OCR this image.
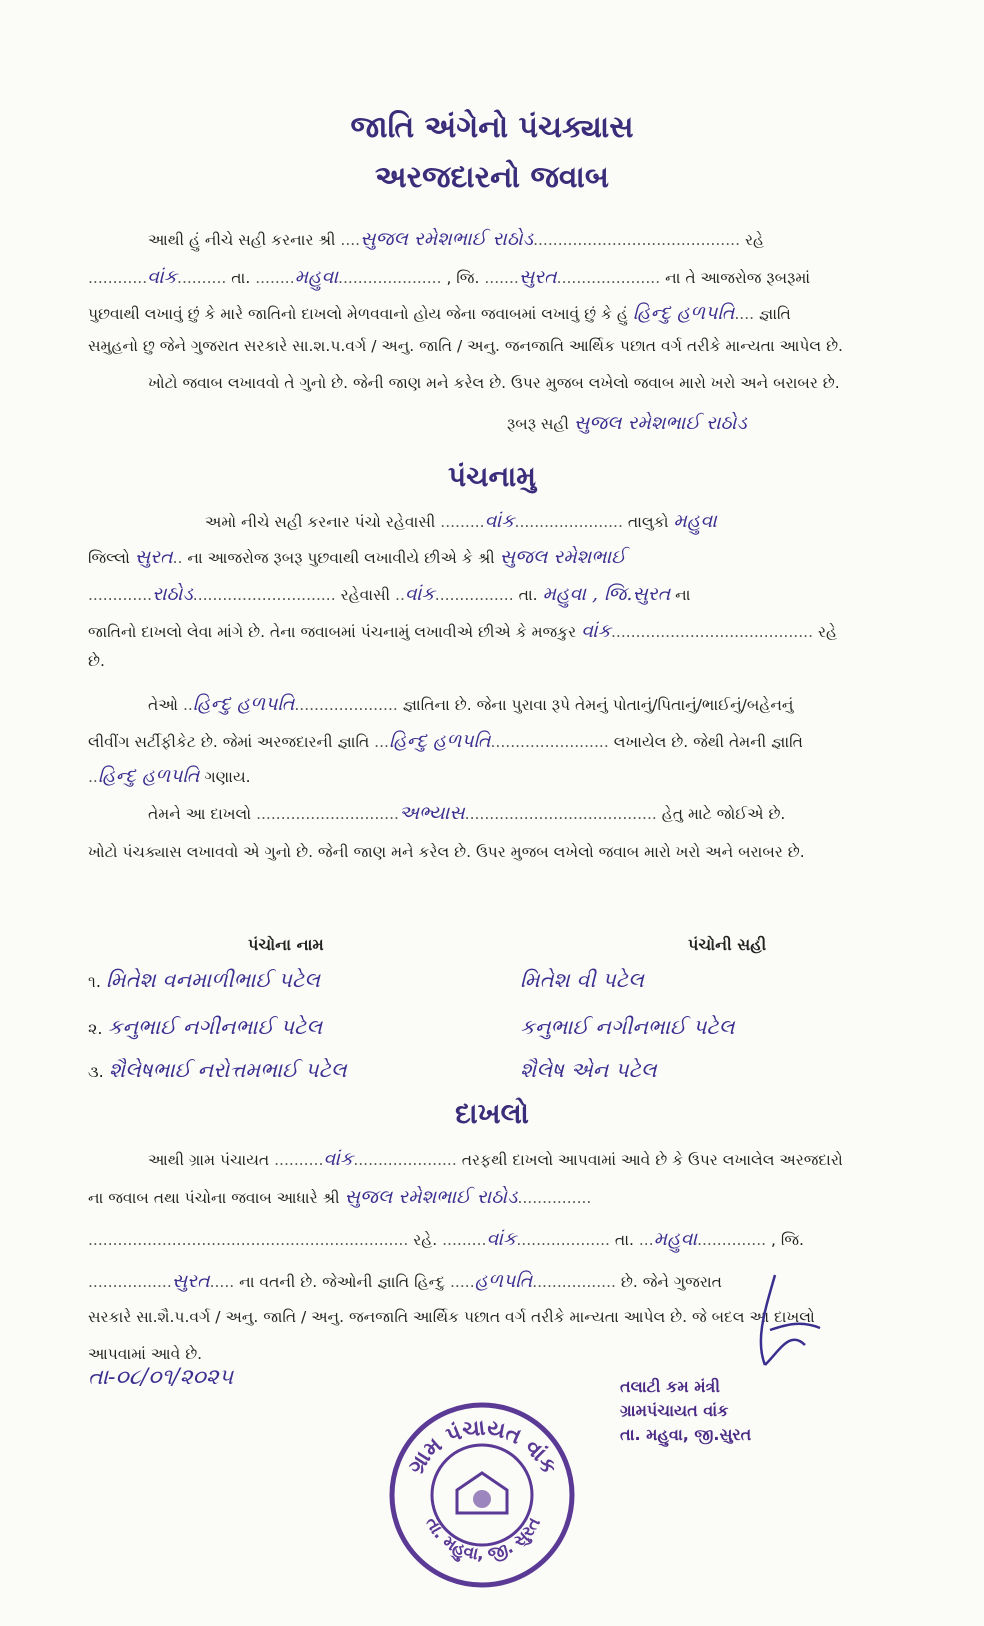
જાતિ અંગેનો પંચક્યાસ
અરજદારનો જવાબ
આથી હું નીચે સહી કરનાર શ્રી ....સુજલ રમેશભાઈ રાઠોડ.......................................... રહે
............વાંક.......... તા. ........મહુવા..................... , જિ. .......સુરત..................... ના તે આજરોજ રૂબરૂમાં
પુછવાથી લખાવું છું કે મારે જાતિનો દાખલો મેળવવાનો હોય જેના જવાબમાં લખાવું છું કે હું હિન્દુ હળપતિ.... જ્ઞાતિ
સમુહનો છુ જેને ગુજરાત સરકારે સા.શ.પ.વર્ગ / અનુ. જાતિ / અનુ. જનજાતિ આર્થિક પછાત વર્ગ તરીકે માન્યતા આપેલ છે.
ખોટો જવાબ લખાવવો તે ગુનો છે. જેની જાણ મને કરેલ છે. ઉપર મુજબ લખેલો જવાબ મારો ખરો અને બરાબર છે.
રૂબરૂ સહી સુજલ રમેશભાઈ રાઠોડ
પંચનામુ
અમો નીચે સહી કરનાર પંચો રહેવાસી .........વાંક...................... તાલુકો મહુવા
જિલ્લો સુરત.. ના આજરોજ રૂબરૂ પુછવાથી લખાવીયે છીએ કે શ્રી સુજલ રમેશભાઈ
.............રાઠોડ............................. રહેવાસી ..વાંક................ તા. મહુવા , જિ.સુરત ના
જાતિનો દાખલો લેવા માંગે છે. તેના જવાબમાં પંચનામું લખાવીએ છીએ કે મજકુર વાંક......................................... રહે
છે.
તેઓ ..હિન્દુ હળપતિ..................... જ્ઞાતિના છે. જેના પુરાવા રૂપે તેમનું પોતાનું/પિતાનું/ભાઈનું/બહેનનું
લીવીંગ સર્ટીફીકેટ છે. જેમાં અરજદારની જ્ઞાતિ ...હિન્દુ હળપતિ........................ લખાયેલ છે. જેથી તેમની જ્ઞાતિ
..હિન્દુ હળપતિ ગણાય.
તેમને આ દાખલો .............................અભ્યાસ....................................... હેતુ માટે જોઈએ છે.
ખોટો પંચક્યાસ લખાવવો એ ગુનો છે. જેની જાણ મને કરેલ છે. ઉપર મુજબ લખેલો જવાબ મારો ખરો અને બરાબર છે.
પંચોના નામ	પંચોની સહી
૧. મિતેશ વનમાળીભાઈ પટેલ	મિતેશ વી પટેલ
૨. કનુભાઈ નગીનભાઈ પટેલ	કનુભાઈ નગીનભાઈ પટેલ
૩. શૈલેષભાઈ નરોત્તમભાઈ પટેલ	શૈલેષ એન પટેલ
દાખલો
આથી ગ્રામ પંચાયત ..........વાંક..................... તરફથી દાખલો આપવામાં આવે છે કે ઉપર લખાલેલ અરજદારો
ના જવાબ તથા પંચોના જવાબ આધારે શ્રી સુજલ રમેશભાઈ રાઠોડ...............
................................................................. રહે. .........વાંક................... તા. ...મહુવા.............. , જિ.
.................સુરત..... ના વતની છે. જેઓની જ્ઞાતિ હિન્દુ .....હળપતિ................. છે. જેને ગુજરાત
સરકારે સા.શૈ.પ.વર્ગ / અનુ. જાતિ / અનુ. જનજાતિ આર્થિક પછાત વર્ગ તરીકે માન્યતા આપેલ છે. જે બદલ આ દાખલો
આપવામાં આવે છે.
તા-૦૮/૦૧/૨૦૨૫
ગ્રામ પંચાયત વાંક
તા. મહુવા, જી. સુરત
તલાટી કમ મંત્રી
ગ્રામપંચાયત વાંક
તા. મહુવા, જી.સુરત
